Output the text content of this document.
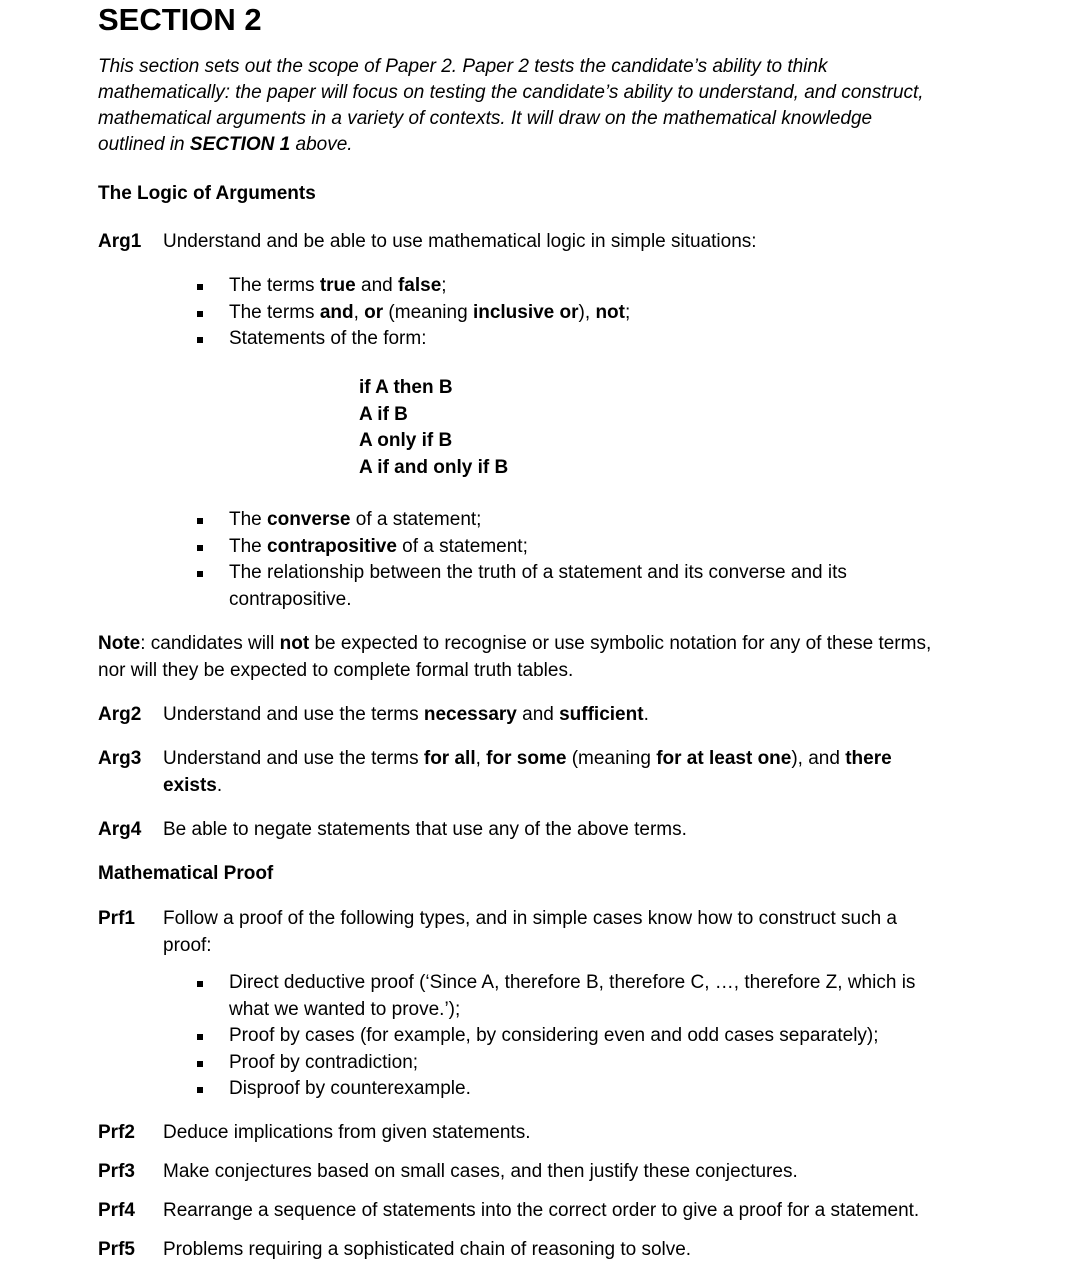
SECTION 2
This section sets out the scope of Paper 2. Paper 2 tests the candidate’s ability to think
mathematically: the paper will focus on testing the candidate’s ability to understand, and construct,
mathematical arguments in a variety of contexts. It will draw on the mathematical knowledge
outlined in SECTION 1 above.
The Logic of Arguments
Arg1 Understand and be able to use mathematical logic in simple situations:
The terms true and false;
The terms and, or (meaning inclusive or), not;
Statements of the form:
if A then B
A if B
A only if B
A if and only if B
The converse of a statement;
The contrapositive of a statement;
The relationship between the truth of a statement and its converse and its
contrapositive.
Note: candidates will not be expected to recognise or use symbolic notation for any of these terms,
nor will they be expected to complete formal truth tables.
Arg2 Understand and use the terms necessary and sufficient.
Arg3 Understand and use the terms for all, for some (meaning for at least one), and there
exists.
Arg4 Be able to negate statements that use any of the above terms.
Mathematical Proof
Prf1 Follow a proof of the following types, and in simple cases know how to construct such a
proof:
Direct deductive proof (‘Since A, therefore B, therefore C, …, therefore Z, which is
what we wanted to prove.’);
Proof by cases (for example, by considering even and odd cases separately);
Proof by contradiction;
Disproof by counterexample.
Prf2 Deduce implications from given statements.
Prf3 Make conjectures based on small cases, and then justify these conjectures.
Prf4 Rearrange a sequence of statements into the correct order to give a proof for a statement.
Prf5 Problems requiring a sophisticated chain of reasoning to solve.
